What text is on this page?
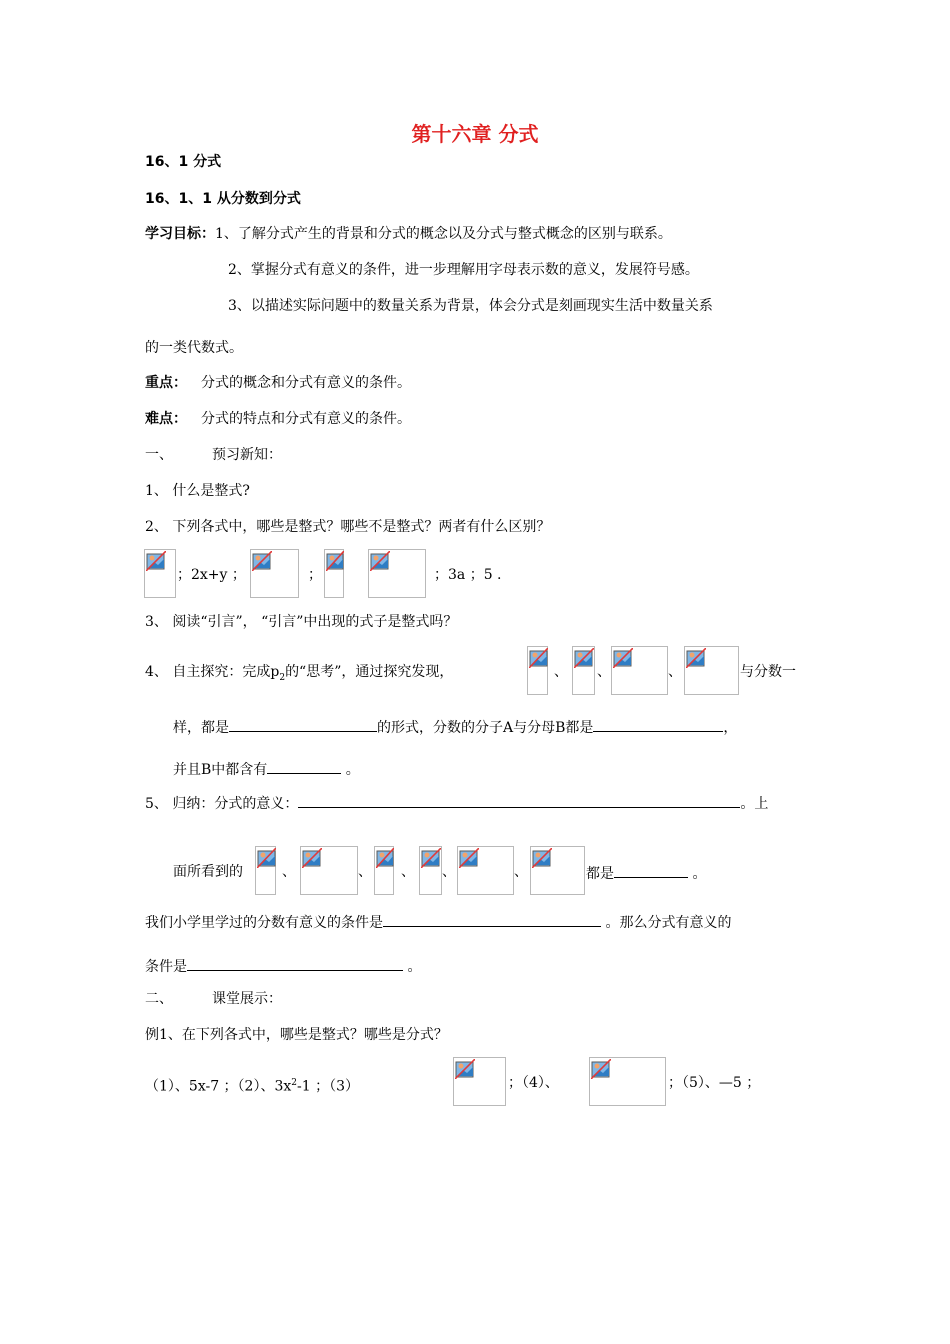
第十六章 分式
16、1 分式
16、1、1 从分数到分式
学习目标：1、了解分式产生的背景和分式的概念以及分式与整式概念的区别与联系。
2、掌握分式有意义的条件，进一步理解用字母表示数的意义，发展符号感。
3、以描述实际问题中的数量关系为背景，体会分式是刻画现实生活中数量关系
的一类代数式。
重点： 分式的概念和分式有意义的条件。
难点： 分式的特点和分式有意义的条件。
一、	预习新知：
1、 什么是整式?
2、 下列各式中，哪些是整式？哪些不是整式？两者有什么区别？
；2x+y ；	；	；3a ；5 .
3、 阅读“引言”， “引言”中出现的式子是整式吗？
4、 自主探究：完成$p_2$的“思考”，通过探究发现，	、 、	、	与分数一
样，都是	的形式，分数的分子A与分母B都是	，
并且B中都含有	。
5、 归纳：分式的意义：	。上
面所看到的	、	、 、 、	、	都是	。
我们小学里学过的分数有意义的条件是	。那么分式有意义的
条件是	。
二、	课堂展示：
例1、在下列各式中，哪些是整式？哪些是分式？
（1）、5x-7 ；（2）、$3x^2-1$ ；（3）	；（4）、	；（5）、—5 ；
